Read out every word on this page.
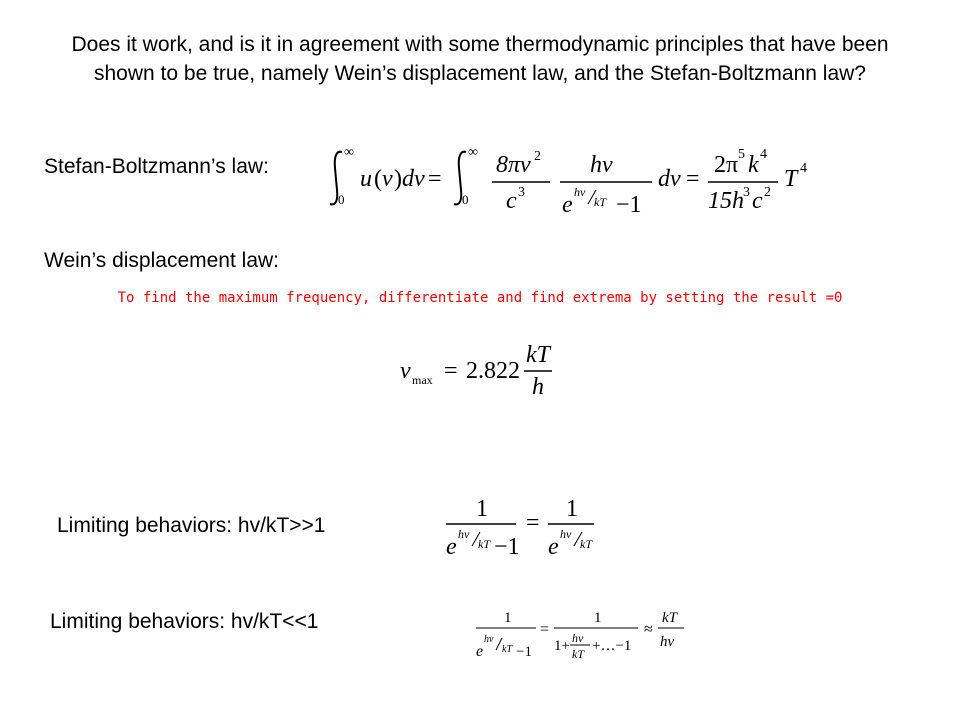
Does it work, and is it in agreement with some thermodynamic principles that have been shown to be true, namely Wein’s displacement law, and the Stefan-Boltzmann law?
Stefan-Boltzmann’s law:
∞
0
u ( ν ) dν =
∞
0
8πν 2
c 3
hν
e hν
kT −1
dν =
2π 5 k 4
15h 3 c 2
T 4
Wein’s displacement law:
To find the maximum frequency, differentiate and find extrema by setting the result =0
v max = 2.822
kT
h
Limiting behaviors: hv/kT>>1
1
e hν
kT −1
=
1
e hν
kT
Limiting behaviors: hv/kT<<1	1
e
hν
kT −1
=
1
1+ hν
kT +…−1
≈
kT
hν
